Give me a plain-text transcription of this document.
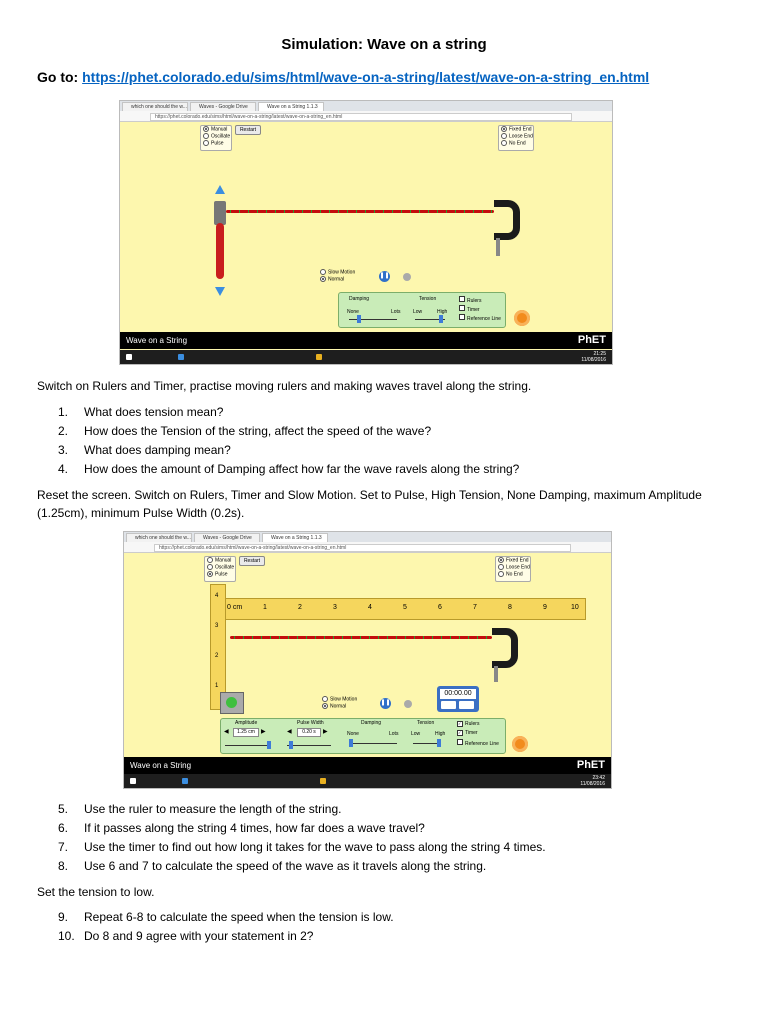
Simulation: Wave on a string
Go to: https://phet.colorado.edu/sims/html/wave-on-a-string/latest/wave-on-a-string_en.html
which one should the w...	Waves - Google Drive	Wave on a String 1.1.3
https://phet.colorado.edu/sims/html/wave-on-a-string/latest/wave-on-a-string_en.html
Manual
Oscillate
Pulse
Restart	Fixed End
Loose End
No End
Slow Motion
Normal
❚❚
Damping
None	Lots
Tension
Low	High
Rulers
Timer
Reference Line
Wave on a String	PhET
21:25
11/08/2016
Switch on Rulers and Timer, practise moving rulers and making waves travel along the string.
1. What does tension mean?
2. How does the Tension of the string, affect the speed of the wave?
3. What does damping mean?
4. How does the amount of Damping affect how far the wave ravels along the string?
Reset the screen. Switch on Rulers, Timer and Slow Motion. Set to Pulse, High Tension, None Damping, maximum Amplitude (1.25cm), minimum Pulse Width (0.2s).
which one should the w...	Waves - Google Drive	Wave on a String 1.1.3
https://phet.colorado.edu/sims/html/wave-on-a-string/latest/wave-on-a-string_en.html
Manual
Oscillate
Pulse
Restart	Fixed End
Loose End
No End
0 cm	1	2	3	4	5	6	7	8	9	10
4
3
2
1
Slow Motion
Normal
❚❚
00:00.00
Amplitude
◀	1.25 cm	▶
Pulse Width
◀	0.20 s	▶
Damping
None	Lots
Tension
Low	High
✓ Rulers
✓ Timer
Reference Line
Wave on a String	PhET
23:42
11/08/2016
5. Use the ruler to measure the length of the string.
6. If it passes along the string 4 times, how far does a wave travel?
7. Use the timer to find out how long it takes for the wave to pass along the string 4 times.
8. Use 6 and 7 to calculate the speed of the wave as it travels along the string.
Set the tension to low.
9. Repeat 6-8 to calculate the speed when the tension is low.
10. Do 8 and 9 agree with your statement in 2?
